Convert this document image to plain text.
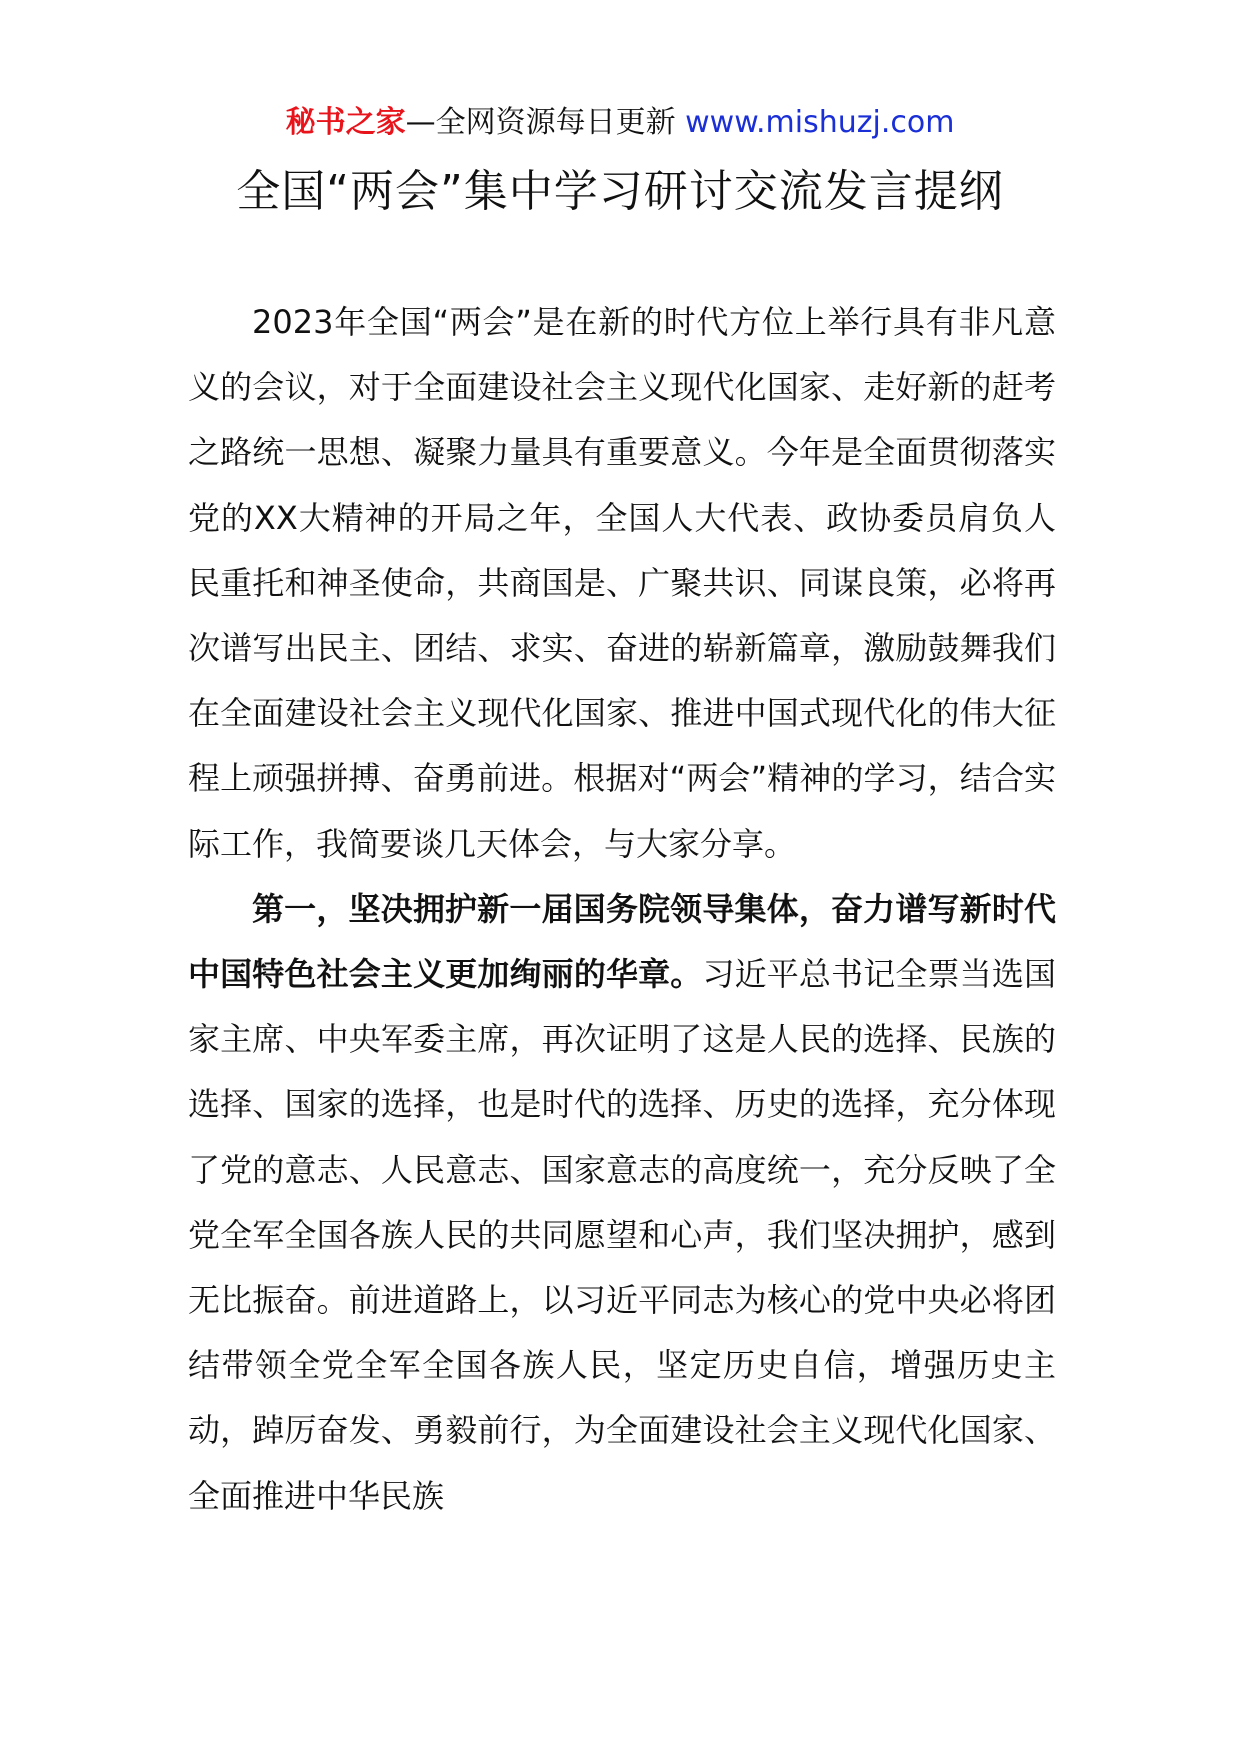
秘书之家—全网资源每日更新 www.mishuzj.com
全国“两会”集中学习研讨交流发言提纲

2023年全国“两会”是在新的时代方位上举行具有非凡意义的会议，对于全面建设社会主义现代化国家、走好新的赶考之路统一思想、凝聚力量具有重要意义。今年是全面贯彻落实党的XX大精神的开局之年，全国人大代表、政协委员肩负人民重托和神圣使命，共商国是、广聚共识、同谋良策，必将再次谱写出民主、团结、求实、奋进的崭新篇章，激励鼓舞我们在全面建设社会主义现代化国家、推进中国式现代化的伟大征程上顽强拼搏、奋勇前进。根据对“两会”精神的学习，结合实际工作，我简要谈几天体会，与大家分享。

第一，坚决拥护新一届国务院领导集体，奋力谱写新时代中国特色社会主义更加绚丽的华章。习近平总书记全票当选国家主席、中央军委主席，再次证明了这是人民的选择、民族的选择、国家的选择，也是时代的选择、历史的选择，充分体现了党的意志、人民意志、国家意志的高度统一，充分反映了全党全军全国各族人民的共同愿望和心声，我们坚决拥护，感到无比振奋。前进道路上，以习近平同志为核心的党中央必将团结带领全党全军全国各族人民，坚定历史自信，增强历史主动，踔厉奋发、勇毅前行，为全面建设社会主义现代化国家、全面推进中华民族
